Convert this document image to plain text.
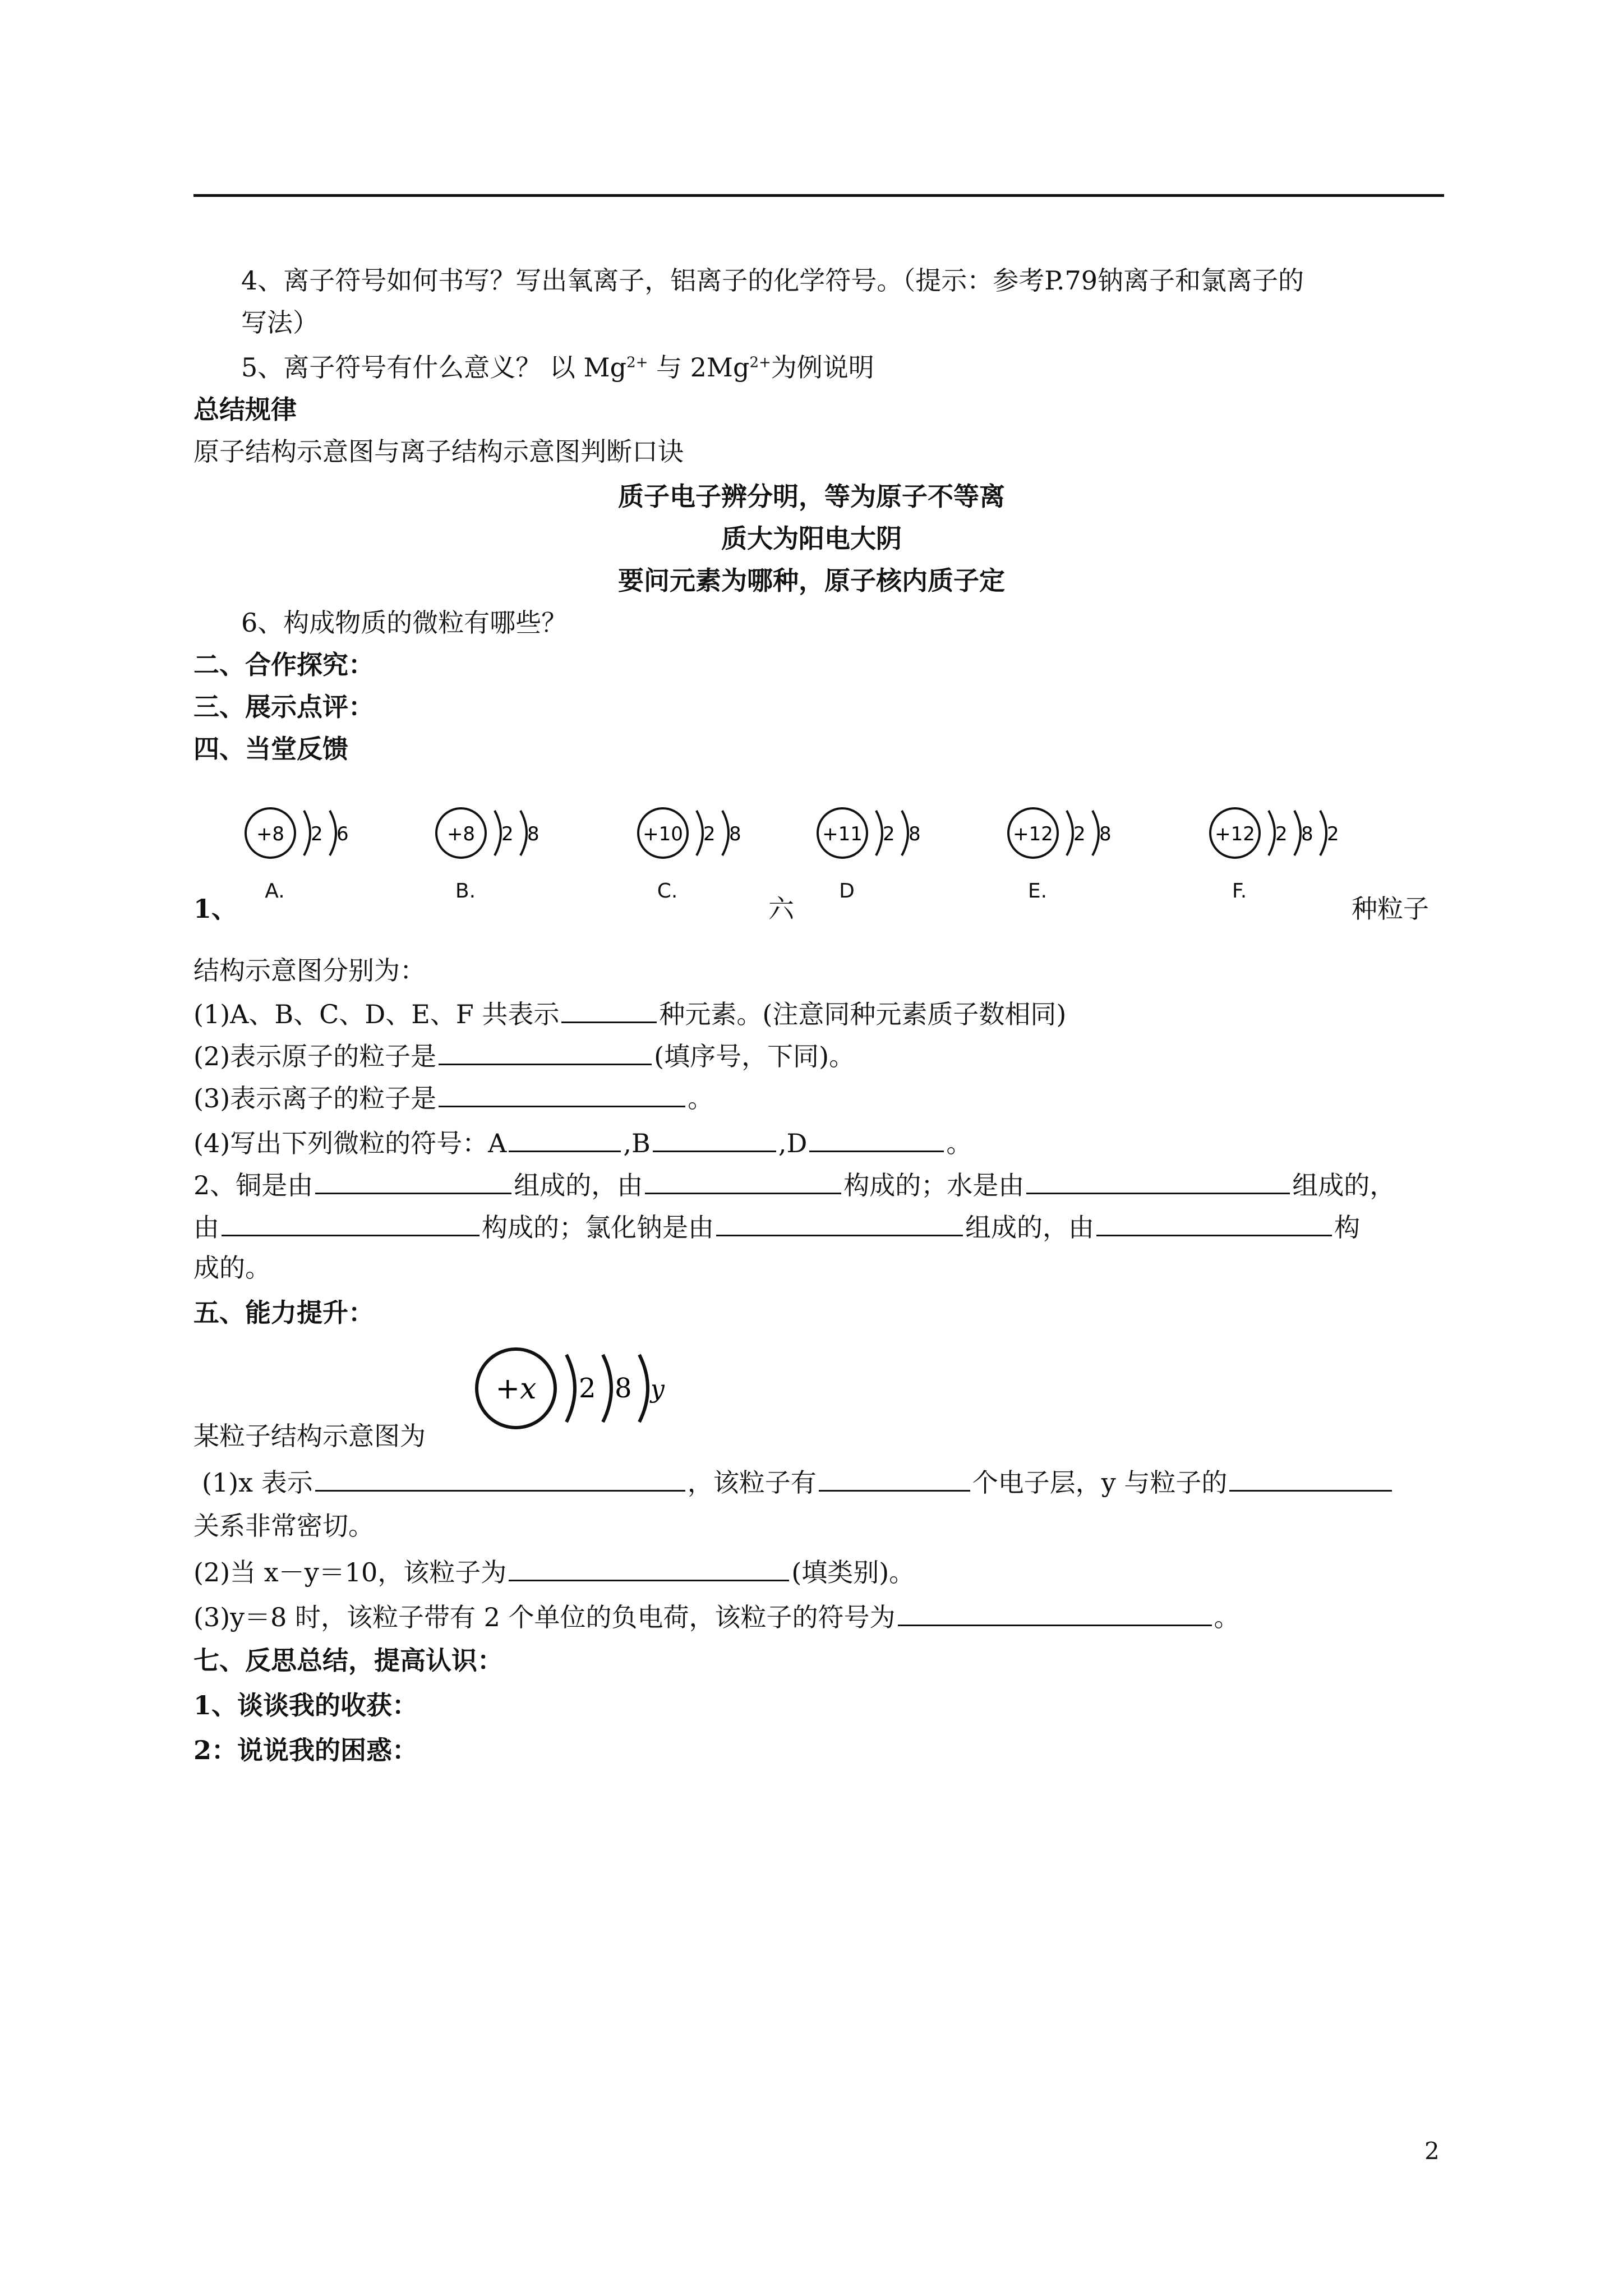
4、离子符号如何书写？写出氧离子，铝离子的化学符号。（提示：参考P.79钠离子和氯离子的
写法）
5、离子符号有什么意义？ 以 $Mg^{2+}$ 与 $2Mg^{2+}$为例说明
总结规律
原子结构示意图与离子结构示意图判断口诀
质子电子辨分明，等为原子不等离
质大为阳电大阴
要问元素为哪种，原子核内质子定
6、构成物质的微粒有哪些？
二、合作探究：
三、展示点评：
四、当堂反馈
+8 2 6
A.
+8 2 8
B.
+10 2 8
C.
+11 2 8
D
+12 2 8
E.
+12 2 8 2
F.
1、	六	种粒子
结构示意图分别为：
(1)A、B、C、D、E、F 共表示	种元素。(注意同种元素质子数相同)
(2)表示原子的粒子是	(填序号，下同)。
(3)表示离子的粒子是	。
(4)写出下列微粒的符号：A	,B	,D	。
2、铜是由	组成的，由	构成的；水是由	组成的，
由	构成的；氯化钠是由	组成的，由	构
成的。
五、能力提升：
+x 2 8 y
某粒子结构示意图为
(1)x 表示	，该粒子有	个电子层，y 与粒子的
关系非常密切。
(2)当 x－y＝10，该粒子为	(填类别)。
(3)y＝8 时，该粒子带有 2 个单位的负电荷，该粒子的符号为	。
七、反思总结，提高认识：
1、谈谈我的收获：
2：说说我的困惑：
2
